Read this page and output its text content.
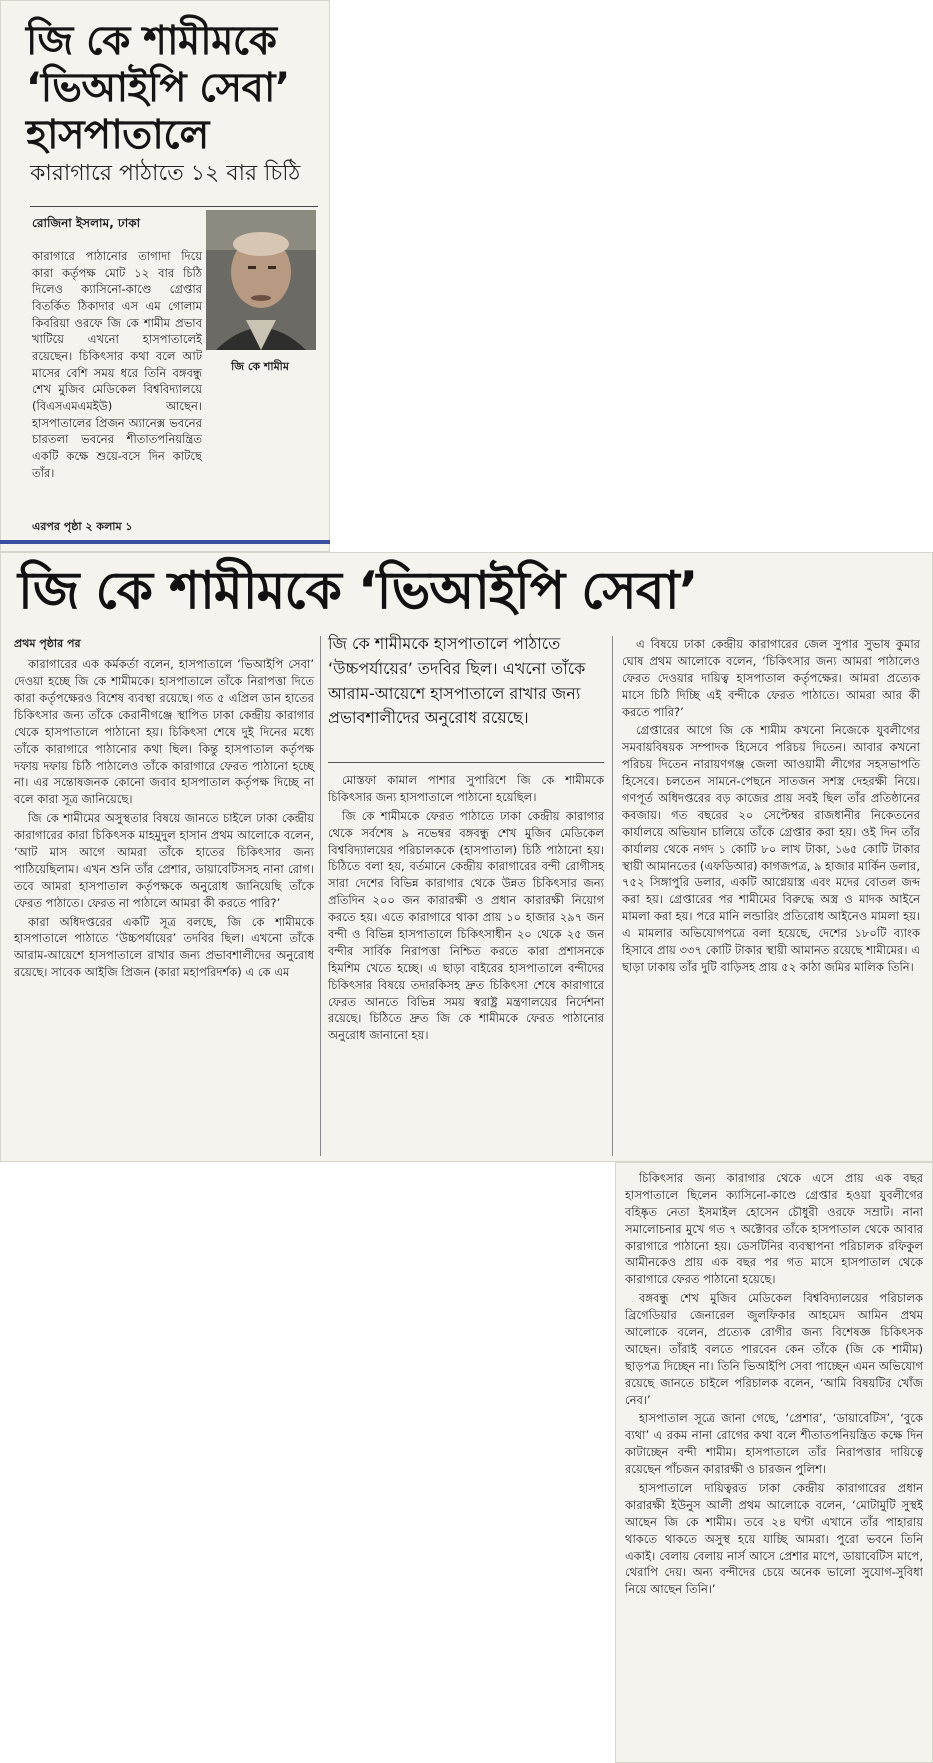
জি কে শামীমকে ‘ভিআইপি সেবা’ হাসপাতালে
কারাগারে পাঠাতে ১২ বার চিঠি
রোজিনা ইসলাম, ঢাকা
জি কে শামীম
কারাগারে পাঠানোর তাগাদা দিয়ে কারা কর্তৃপক্ষ মোট ১২ বার চিঠি দিলেও ক্যাসিনো-কাণ্ডে গ্রেপ্তার বিতর্কিত ঠিকাদার এস এম গোলাম কিবরিয়া ওরফে জি কে শামীম প্রভাব খাটিয়ে এখনো হাসপাতালেই রয়েছেন। চিকিৎসার কথা বলে আট মাসের বেশি সময় ধরে তিনি বঙ্গবন্ধু শেখ মুজিব মেডিকেল বিশ্ববিদ্যালয়ে (বিএসএমএমইউ) আছেন। হাসপাতালের প্রিজন অ্যানেক্স ভবনের চারতলা ভবনের শীতাতপনিয়ন্ত্রিত একটি কক্ষে শুয়ে-বসে দিন কাটছে তাঁর।
এরপর পৃষ্ঠা ২ কলাম ১
জি কে শামীমকে ‘ভিআইপি সেবা’

প্রথম পৃষ্ঠার পর

কারাগারের এক কর্মকর্তা বলেন, হাসপাতালে ‘ভিআইপি সেবা’ দেওয়া হচ্ছে জি কে শামীমকে। হাসপাতালে তাঁকে নিরাপত্তা দিতে কারা কর্তৃপক্ষেরও বিশেষ ব্যবস্থা রয়েছে। গত ৫ এপ্রিল ডান হাতের চিকিৎসার জন্য তাঁকে কেরানীগঞ্জে স্থাপিত ঢাকা কেন্দ্রীয় কারাগার থেকে হাসপাতালে পাঠানো হয়। চিকিৎসা শেষে দুই দিনের মধ্যে তাঁকে কারাগারে পাঠানোর কথা ছিল। কিন্তু হাসপাতাল কর্তৃপক্ষ দফায় দফায় চিঠি পাঠালেও তাঁকে কারাগারে ফেরত পাঠানো হচ্ছে না। এর সন্তোষজনক কোনো জবাব হাসপাতাল কর্তৃপক্ষ দিচ্ছে না বলে কারা সূত্র জানিয়েছে।

জি কে শামীমের অসুস্থতার বিষয়ে জানতে চাইলে ঢাকা কেন্দ্রীয় কারাগারের কারা চিকিৎসক মাহমুদুল হাসান প্রথম আলোকে বলেন, ‘আট মাস আগে আমরা তাঁকে হাতের চিকিৎসার জন্য পাঠিয়েছিলাম। এখন শুনি তাঁর প্রেশার, ডায়াবেটিসসহ নানা রোগ। তবে আমরা হাসপাতাল কর্তৃপক্ষকে অনুরোধ জানিয়েছি তাঁকে ফেরত পাঠাতে। ফেরত না পাঠালে আমরা কী করতে পারি?’

কারা অধিদপ্তরের একটি সূত্র বলছে, জি কে শামীমকে হাসপাতালে পাঠাতে ‘উচ্চপর্যায়ের’ তদবির ছিল। এখনো তাঁকে আরাম-আয়েশে হাসপাতালে রাখার জন্য প্রভাবশালীদের অনুরোধ রয়েছে। সাবেক আইজি প্রিজন (কারা মহাপরিদর্শক) এ কে এম

জি কে শামীমকে হাসপাতালে পাঠাতে ‘উচ্চপর্যায়ের’ তদবির ছিল। এখনো তাঁকে আরাম-আয়েশে হাসপাতালে রাখার জন্য প্রভাবশালীদের অনুরোধ রয়েছে।

মোস্তফা কামাল পাশার সুপারিশে জি কে শামীমকে চিকিৎসার জন্য হাসপাতালে পাঠানো হয়েছিল।

জি কে শামীমকে ফেরত পাঠাতে ঢাকা কেন্দ্রীয় কারাগার থেকে সর্বশেষ ৯ নভেম্বর বঙ্গবন্ধু শেখ মুজিব মেডিকেল বিশ্ববিদ্যালয়ের পরিচালককে (হাসপাতাল) চিঠি পাঠানো হয়। চিঠিতে বলা হয়, বর্তমানে কেন্দ্রীয় কারাগারের বন্দী রোগীসহ সারা দেশের বিভিন্ন কারাগার থেকে উন্নত চিকিৎসার জন্য প্রতিদিন ২০০ জন কারারক্ষী ও প্রধান কারারক্ষী নিয়োগ করতে হয়। এতে কারাগারে থাকা প্রায় ১০ হাজার ২৯৭ জন বন্দী ও বিভিন্ন হাসপাতালে চিকিৎসাধীন ২০ থেকে ২৫ জন বন্দীর সার্বিক নিরাপত্তা নিশ্চিত করতে কারা প্রশাসনকে হিমশিম খেতে হচ্ছে। এ ছাড়া বাইরের হাসপাতালে বন্দীদের চিকিৎসার বিষয়ে তদারকিসহ দ্রুত চিকিৎসা শেষে কারাগারে ফেরত আনতে বিভিন্ন সময় স্বরাষ্ট্র মন্ত্রণালয়ের নির্দেশনা রয়েছে। চিঠিতে দ্রুত জি কে শামীমকে ফেরত পাঠানোর অনুরোধ জানানো হয়।

এ বিষয়ে ঢাকা কেন্দ্রীয় কারাগারের জেল সুপার সুভাষ কুমার ঘোষ প্রথম আলোকে বলেন, ‘চিকিৎসার জন্য আমরা পাঠালেও ফেরত দেওয়ার দায়িত্ব হাসপাতাল কর্তৃপক্ষের। আমরা প্রত্যেক মাসে চিঠি দিচ্ছি এই বন্দীকে ফেরত পাঠাতে। আমরা আর কী করতে পারি?’

গ্রেপ্তারের আগে জি কে শামীম কখনো নিজেকে যুবলীগের সমবায়বিষয়ক সম্পাদক হিসেবে পরিচয় দিতেন। আবার কখনো পরিচয় দিতেন নারায়ণগঞ্জ জেলা আওয়ামী লীগের সহসভাপতি হিসেবে। চলতেন সামনে-পেছনে সাতজন সশস্ত্র দেহরক্ষী নিয়ে। গণপূর্ত অধিদপ্তরের বড় কাজের প্রায় সবই ছিল তাঁর প্রতিষ্ঠানের কবজায়। গত বছরের ২০ সেপ্টেম্বর রাজধানীর নিকেতনের কার্যালয়ে অভিযান চালিয়ে তাঁকে গ্রেপ্তার করা হয়। ওই দিন তাঁর কার্যালয় থেকে নগদ ১ কোটি ৮০ লাখ টাকা, ১৬৫ কোটি টাকার স্থায়ী আমানতের (এফডিআর) কাগজপত্র, ৯ হাজার মার্কিন ডলার, ৭৫২ সিঙ্গাপুরি ডলার, একটি আগ্নেয়াস্ত্র এবং মদের বোতল জব্দ করা হয়। গ্রেপ্তারের পর শামীমের বিরুদ্ধে অস্ত্র ও মাদক আইনে মামলা করা হয়। পরে মানি লন্ডারিং প্রতিরোধ আইনেও মামলা হয়। এ মামলার অভিযোগপত্রে বলা হয়েছে, দেশের ১৮০টি ব্যাংক হিসাবে প্রায় ৩৩৭ কোটি টাকার স্থায়ী আমানত রয়েছে শামীমের। এ ছাড়া ঢাকায় তাঁর দুটি বাড়িসহ প্রায় ৫২ কাঠা জমির মালিক তিনি।

চিকিৎসার জন্য কারাগার থেকে এসে প্রায় এক বছর হাসপাতালে ছিলেন ক্যাসিনো-কাণ্ডে গ্রেপ্তার হওয়া যুবলীগের বহিষ্কৃত নেতা ইসমাইল হোসেন চৌধুরী ওরফে সম্রাট। নানা সমালোচনার মুখে গত ৭ অক্টোবর তাঁকে হাসপাতাল থেকে আবার কারাগারে পাঠানো হয়। ডেসটিনির ব্যবস্থাপনা পরিচালক রফিকুল আমীনকেও প্রায় এক বছর পর গত মাসে হাসপাতাল থেকে কারাগারে ফেরত পাঠানো হয়েছে।

বঙ্গবন্ধু শেখ মুজিব মেডিকেল বিশ্ববিদ্যালয়ের পরিচালক ব্রিগেডিয়ার জেনারেল জুলফিকার আহমেদ আমিন প্রথম আলোকে বলেন, প্রত্যেক রোগীর জন্য বিশেষজ্ঞ চিকিৎসক আছেন। তাঁরাই বলতে পারবেন কেন তাঁকে (জি কে শামীম) ছাড়পত্র দিচ্ছেন না। তিনি ভিআইপি সেবা পাচ্ছেন এমন অভিযোগ রয়েছে জানতে চাইলে পরিচালক বলেন, ‘আমি বিষয়টির খোঁজ নেব।’

হাসপাতাল সূত্রে জানা গেছে, ‘প্রেশার’, ‘ডায়াবেটিস’, ‘বুকে ব্যথা’ এ রকম নানা রোগের কথা বলে শীতাতপনিয়ন্ত্রিত কক্ষে দিন কাটাচ্ছেন বন্দী শামীম। হাসপাতালে তাঁর নিরাপত্তার দায়িত্বে রয়েছেন পাঁচজন কারারক্ষী ও চারজন পুলিশ।

হাসপাতালে দায়িত্বরত ঢাকা কেন্দ্রীয় কারাগারের প্রধান কারারক্ষী ইউনুস আলী প্রথম আলোকে বলেন, ‘মোটামুটি সুস্থই আছেন জি কে শামীম। তবে ২৪ ঘণ্টা এখানে তাঁর পাহারায় থাকতে থাকতে অসুস্থ হয়ে যাচ্ছি আমরা। পুরো ভবনে তিনি একাই। বেলায় বেলায় নার্স আসে প্রেশার মাপে, ডায়াবেটিস মাপে, থেরাপি দেয়। অন্য বন্দীদের চেয়ে অনেক ভালো সুযোগ-সুবিধা নিয়ে আছেন তিনি।’
